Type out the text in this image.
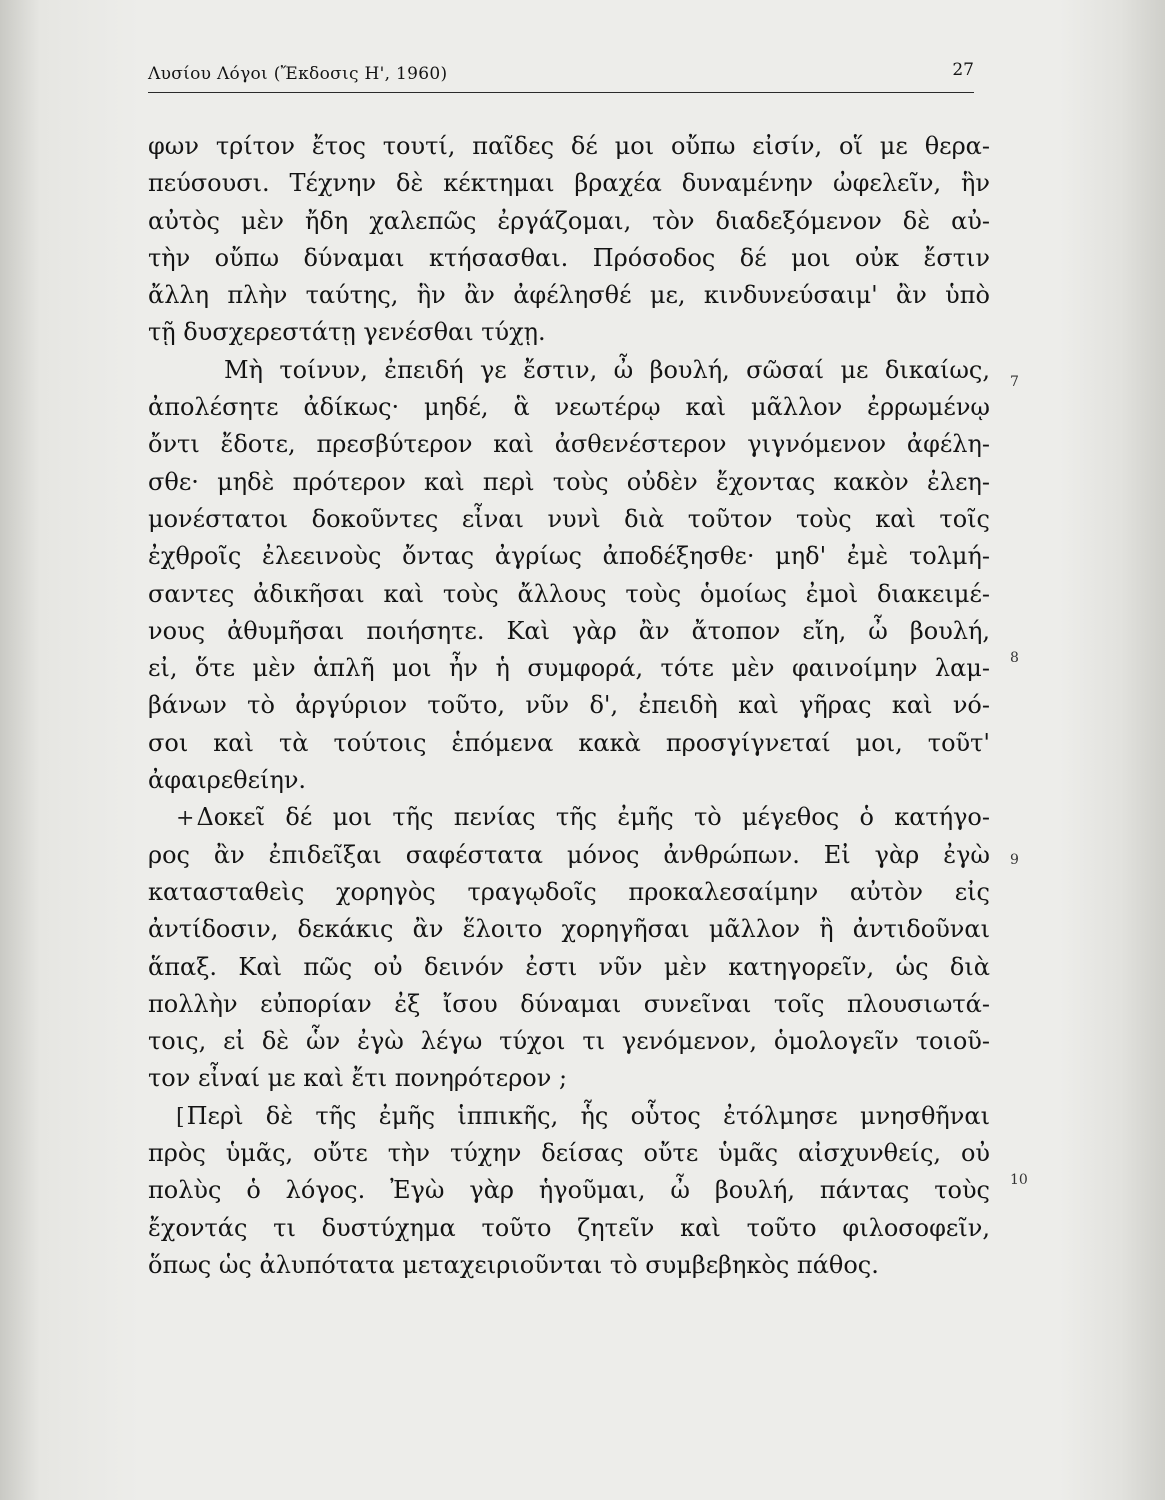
Λυσίου Λόγοι (Ἔκδοσις Η', 1960)	27
φων τρίτον ἔτος τουτί, παῖδες δέ μοι οὔπω εἰσίν, οἵ με θερα-
πεύσουσι. Τέχνην δὲ κέκτημαι βραχέα δυναμένην ὠφελεῖν, ἣν
αὐτὸς μὲν ἤδη χαλεπῶς ἐργάζομαι, τὸν διαδεξόμενον δὲ αὐ-
τὴν οὔπω δύναμαι κτήσασθαι. Πρόσοδος δέ μοι οὐκ ἔστιν
ἄλλη πλὴν ταύτης, ἣν ἂν ἀφέλησθέ με, κινδυνεύσαιμ' ἂν ὑπὸ
τῇ δυσχερεστάτῃ γενέσθαι τύχῃ.
Μὴ τοίνυν, ἐπειδή γε ἔστιν, ὦ βουλή, σῶσαί με δικαίως,
ἀπολέσητε ἀδίκως· μηδέ, ἃ νεωτέρῳ καὶ μᾶλλον ἐρρωμένῳ
ὄντι ἔδοτε, πρεσβύτερον καὶ ἀσθενέστερον γιγνόμενον ἀφέλη-
σθε· μηδὲ πρότερον καὶ περὶ τοὺς οὐδὲν ἔχοντας κακὸν ἐλεη-
μονέστατοι δοκοῦντες εἶναι νυνὶ διὰ τοῦτον τοὺς καὶ τοῖς
ἐχθροῖς ἐλεεινοὺς ὄντας ἀγρίως ἀποδέξησθε· μηδ' ἐμὲ τολμή-
σαντες ἀδικῆσαι καὶ τοὺς ἄλλους τοὺς ὁμοίως ἐμοὶ διακειμέ-
νους ἀθυμῆσαι ποιήσητε. Καὶ γὰρ ἂν ἄτοπον εἴη, ὦ βουλή,
εἰ, ὅτε μὲν ἁπλῆ μοι ἦν ἡ συμφορά, τότε μὲν φαινοίμην λαμ-
βάνων τὸ ἀργύριον τοῦτο, νῦν δ', ἐπειδὴ καὶ γῆρας καὶ νό-
σοι καὶ τὰ τούτοις ἑπόμενα κακὰ προσγίγνεταί μοι, τοῦτ'
ἀφαιρεθείην.
+Δοκεῖ δέ μοι τῆς πενίας τῆς ἐμῆς τὸ μέγεθος ὁ κατήγο-
ρος ἂν ἐπιδεῖξαι σαφέστατα μόνος ἀνθρώπων. Εἰ γὰρ ἐγὼ
κατασταθεὶς χορηγὸς τραγῳδοῖς προκαλεσαίμην αὐτὸν εἰς
ἀντίδοσιν, δεκάκις ἂν ἕλοιτο χορηγῆσαι μᾶλλον ἢ ἀντιδοῦναι
ἅπαξ. Καὶ πῶς οὐ δεινόν ἐστι νῦν μὲν κατηγορεῖν, ὡς διὰ
πολλὴν εὐπορίαν ἐξ ἴσου δύναμαι συνεῖναι τοῖς πλουσιωτά-
τοις, εἰ δὲ ὧν ἐγὼ λέγω τύχοι τι γενόμενον, ὁμολογεῖν τοιοῦ-
τον εἶναί με καὶ ἔτι πονηρότερον ;
[Περὶ δὲ τῆς ἐμῆς ἱππικῆς, ἧς οὗτος ἐτόλμησε μνησθῆναι
πρὸς ὑμᾶς, οὔτε τὴν τύχην δείσας οὔτε ὑμᾶς αἰσχυνθείς, οὐ
πολὺς ὁ λόγος. Ἐγὼ γὰρ ἡγοῦμαι, ὦ βουλή, πάντας τοὺς
ἔχοντάς τι δυστύχημα τοῦτο ζητεῖν καὶ τοῦτο φιλοσοφεῖν,
ὅπως ὡς ἀλυπότατα μεταχειριοῦνται τὸ συμβεβηκὸς πάθος.
7
8
9
10
